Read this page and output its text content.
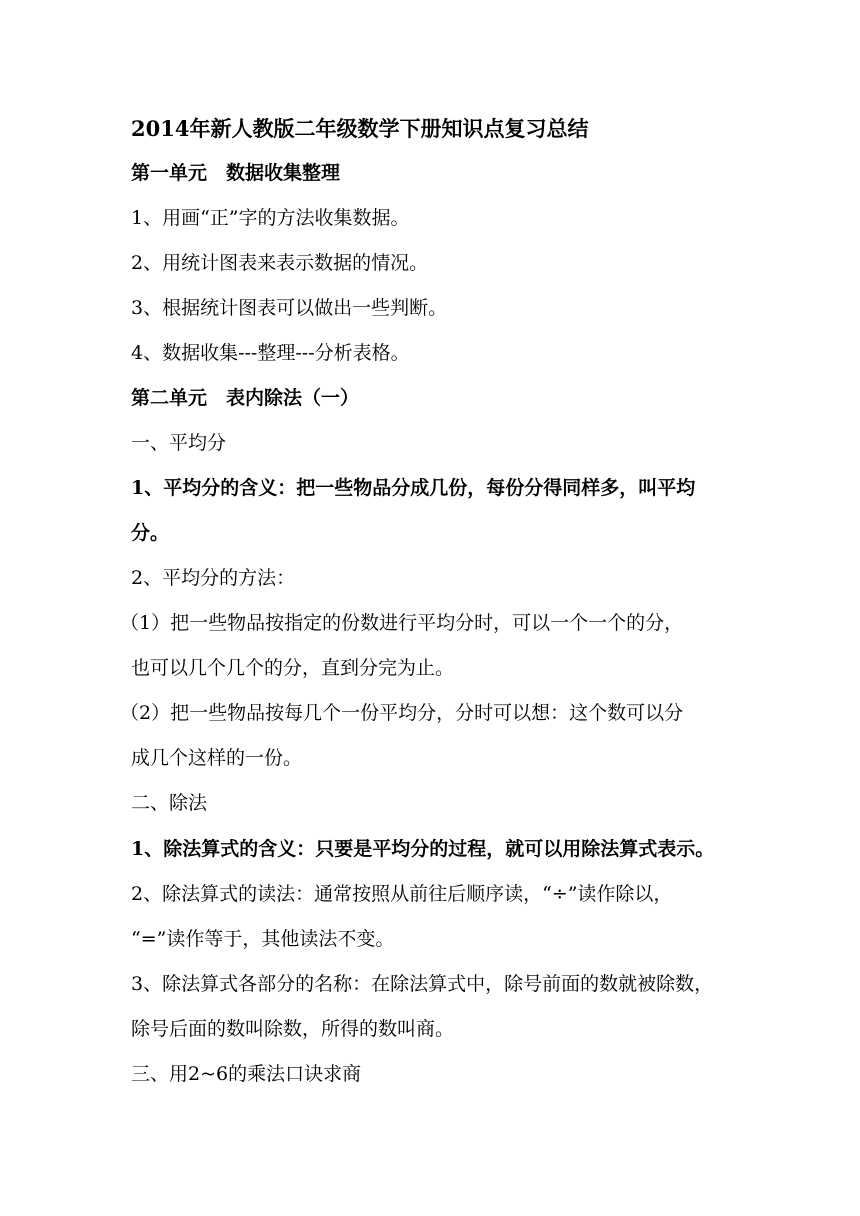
2014年新人教版二年级数学下册知识点复习总结

第一单元　数据收集整理

1、用画“正”字的方法收集数据。

2、用统计图表来表示数据的情况。

3、根据统计图表可以做出一些判断。

4、数据收集---整理---分析表格。

第二单元　表内除法（一）

一、平均分

1、平均分的含义：把一些物品分成几份，每份分得同样多，叫平均

分。

2、平均分的方法：

（1）把一些物品按指定的份数进行平均分时，可以一个一个的分，

也可以几个几个的分，直到分完为止。

（2）把一些物品按每几个一份平均分，分时可以想：这个数可以分

成几个这样的一份。

二、除法

1、除法算式的含义：只要是平均分的过程，就可以用除法算式表示。

2、除法算式的读法：通常按照从前往后顺序读，“÷”读作除以，

“=”读作等于，其他读法不变。

3、除法算式各部分的名称：在除法算式中，除号前面的数就被除数，

除号后面的数叫除数，所得的数叫商。

三、用2~6的乘法口诀求商
